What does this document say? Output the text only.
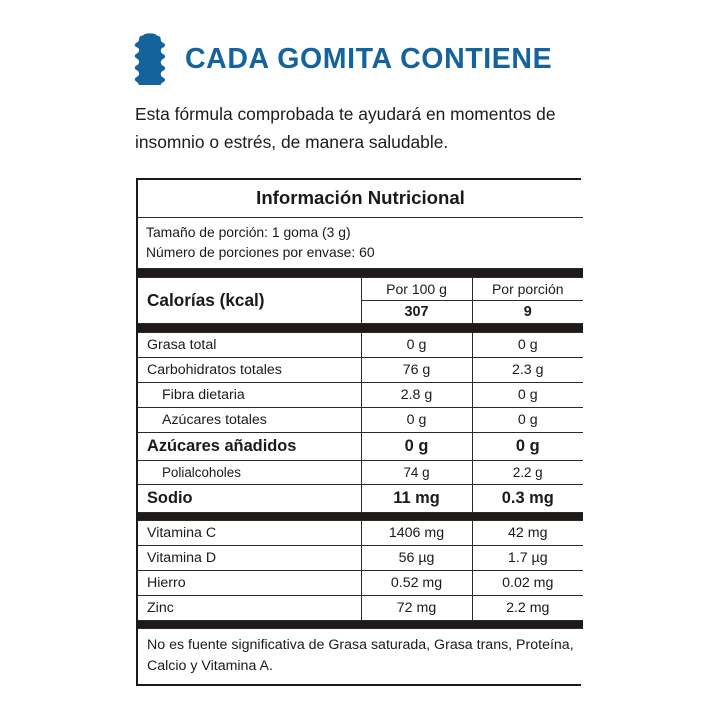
CADA GOMITA CONTIENE
Esta fórmula comprobada te ayudará en momentos de insomnio o estrés, de manera saludable.
Información Nutricional		

Tamaño de porción: 1 goma (3 g)
Número de porciones por envase: 60		

Calorías (kcal)	Por 100 g	Por porción
	307	9

Grasa total	0 g	0 g
Carbohidratos totales	76 g	2.3 g
Fibra dietaria	2.8 g	0 g
Azúcares totales	0 g	0 g
Azúcares añadidos	0 g	0 g
Polialcoholes	74 g	2.2 g
Sodio	11 mg	0.3 mg

Vitamina C	1406 mg	42 mg
Vitamina D	56 µg	1.7 µg
Hierro	0.52 mg	0.02 mg
Zinc	72 mg	2.2 mg

No es fuente significativa de Grasa saturada, Grasa trans, Proteína, Calcio y Vitamina A.		
